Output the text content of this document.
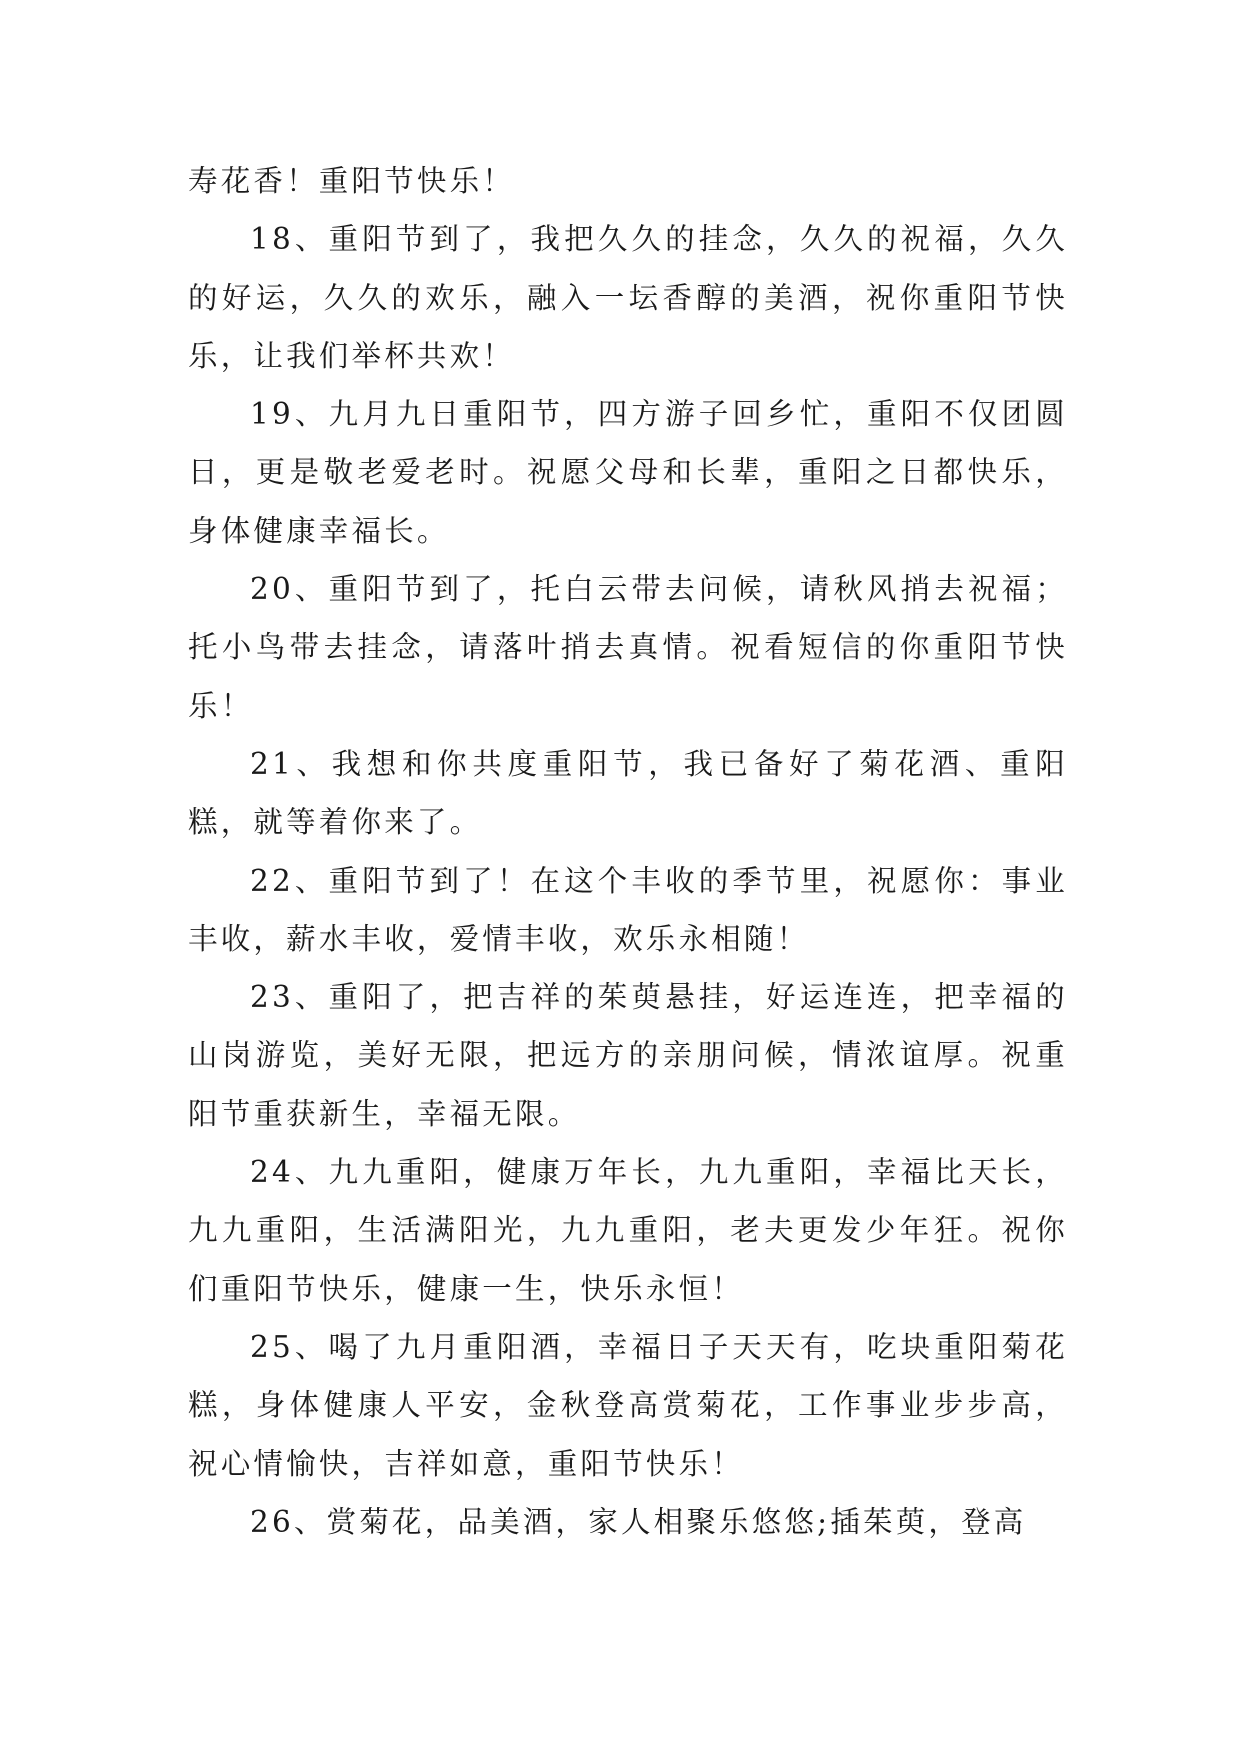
寿花香！重阳节快乐！

18、重阳节到了，我把久久的挂念，久久的祝福，久久的好运，久久的欢乐，融入一坛香醇的美酒，祝你重阳节快乐，让我们举杯共欢！

19、九月九日重阳节，四方游子回乡忙，重阳不仅团圆日，更是敬老爱老时。祝愿父母和长辈，重阳之日都快乐，身体健康幸福长。

20、重阳节到了，托白云带去问候，请秋风捎去祝福；托小鸟带去挂念，请落叶捎去真情。祝看短信的你重阳节快乐！

21、我想和你共度重阳节，我已备好了菊花酒、重阳糕，就等着你来了。

22、重阳节到了！在这个丰收的季节里，祝愿你：事业丰收，薪水丰收，爱情丰收，欢乐永相随！

23、重阳了，把吉祥的茱萸悬挂，好运连连，把幸福的山岗游览，美好无限，把远方的亲朋问候，情浓谊厚。祝重阳节重获新生，幸福无限。

24、九九重阳，健康万年长，九九重阳，幸福比天长，九九重阳，生活满阳光，九九重阳，老夫更发少年狂。祝你们重阳节快乐，健康一生，快乐永恒！

25、喝了九月重阳酒，幸福日子天天有，吃块重阳菊花糕，身体健康人平安，金秋登高赏菊花，工作事业步步高，祝心情愉快，吉祥如意，重阳节快乐！

26、赏菊花，品美酒，家人相聚乐悠悠;插茱萸，登高
